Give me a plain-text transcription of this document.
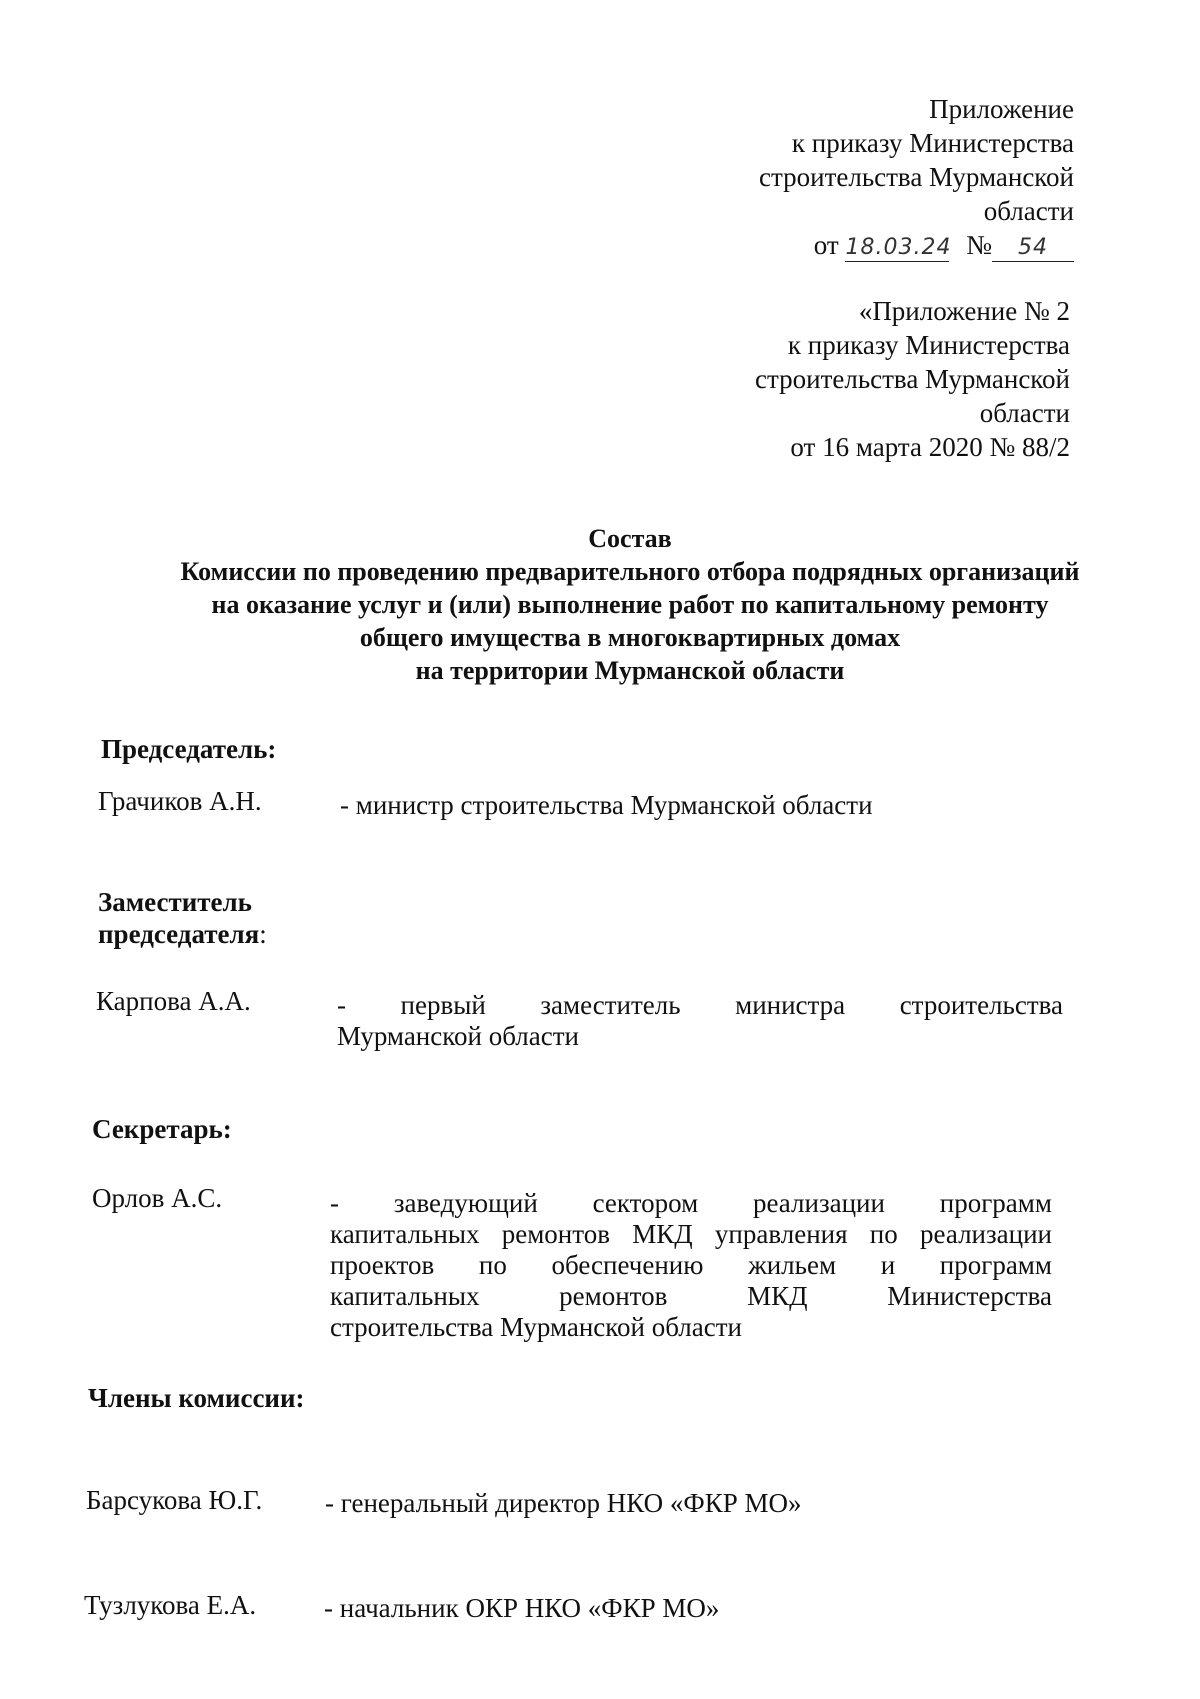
Приложение
к приказу Министерства
строительства Мурманской
области
от 18.03.24 № 54
«Приложение № 2
к приказу Министерства
строительства Мурманской
области
от 16 марта 2020 № 88/2
Состав
Комиссии по проведению предварительного отбора подрядных организаций
на оказание услуг и (или) выполнение работ по капитальному ремонту
общего имущества в многоквартирных домах
на территории Мурманской области
Председатель:
Грачиков А.Н.	- министр строительства Мурманской области
Заместитель
председателя:
Карпова А.А.	- первый заместитель министра строительства
Мурманской области
Секретарь:
Орлов А.С.	- заведующий сектором реализации программ
капитальных ремонтов МКД управления по реализации
проектов по обеспечению жильем и программ
капитальных	ремонтов	МКД	Министерства
строительства Мурманской области
Члены комиссии:
Барсукова Ю.Г. - генеральный директор НКО «ФКР МО»
Тузлукова Е.А.	- начальник ОКР НКО «ФКР МО»
